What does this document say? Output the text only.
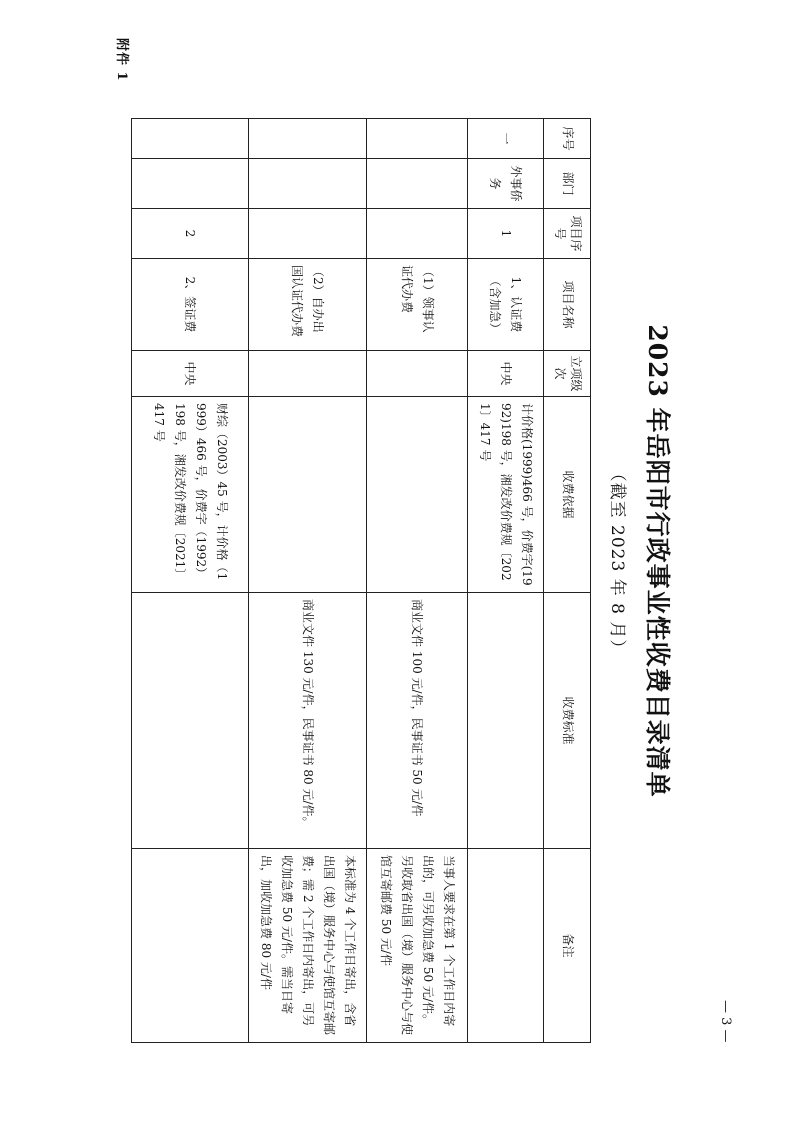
附件 1
— 3 —
2023 年岳阳市行政事业性收费目录清单
（截至 2023 年 8 月）
序号	部门	项目序号	项目名称	立项级次	收费依据	收费标准	备注
一	外事侨务	1	1、认证费（含加急）	中央	计价格(1999)466 号，价费字(1992)198 号，湘发改价费规〔2021〕417 号		
			（1）领事认证代办费			商业文件 100 元/件，民事证书 50 元/件	当事人要求在第 1 个工作日内寄出的，可另收加急费 50 元/件。另收取省出国（境）服务中心与使馆互寄邮费 50 元/件
			（2）自办出国认证代办费			商业文件 130 元/件，民事证书 80 元/件。	本标准为 4 个工作日寄出，含省出国（境）服务中心与使馆互寄邮费；需 2 个工作日内寄出，可另收加急费 50 元/件。需当日寄出，加收加急费 80 元/件
		2	2、签证费	中央	财综（2003）45 号，计价格（1999）466 号，价费字（1992）198 号，湘发改价费规〔2021〕417 号		
